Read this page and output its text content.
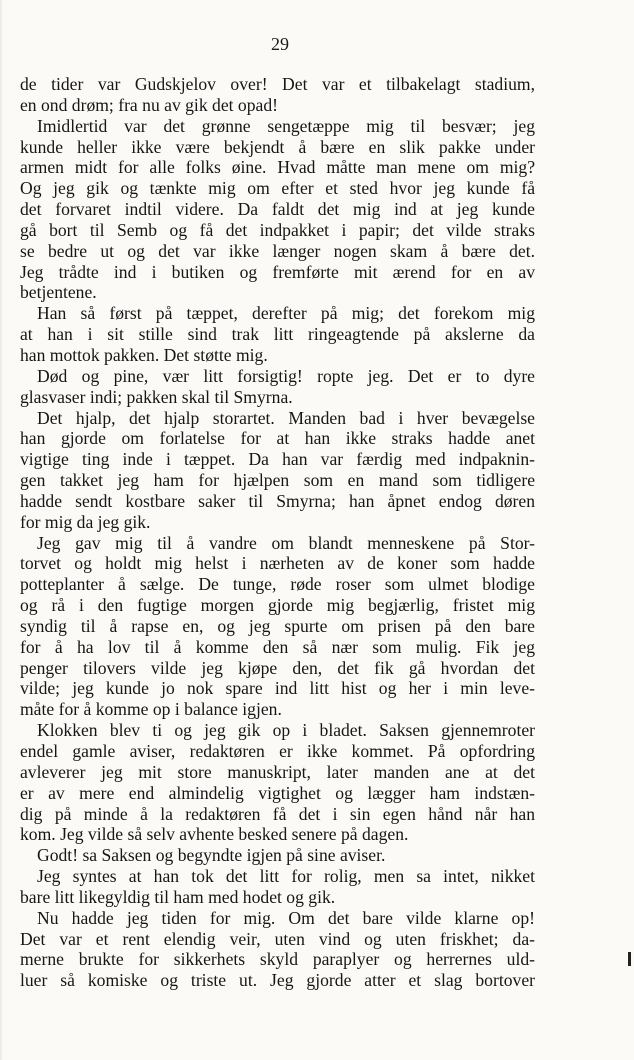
29
de tider var Gudskjelov over! Det var et tilbakelagt stadium,
en ond drøm; fra nu av gik det opad!
Imidlertid var det grønne sengetæppe mig til besvær; jeg
kunde heller ikke være bekjendt å bære en slik pakke under
armen midt for alle folks øine. Hvad måtte man mene om mig?
Og jeg gik og tænkte mig om efter et sted hvor jeg kunde få
det forvaret indtil videre. Da faldt det mig ind at jeg kunde
gå bort til Semb og få det indpakket i papir; det vilde straks
se bedre ut og det var ikke længer nogen skam å bære det.
Jeg trådte ind i butiken og fremførte mit ærend for en av
betjentene.
Han så først på tæppet, derefter på mig; det forekom mig
at han i sit stille sind trak litt ringeagtende på akslerne da
han mottok pakken. Det støtte mig.
Død og pine, vær litt forsigtig! ropte jeg. Det er to dyre
glasvaser indi; pakken skal til Smyrna.
Det hjalp, det hjalp storartet. Manden bad i hver bevægelse
han gjorde om forlatelse for at han ikke straks hadde anet
vigtige ting inde i tæppet. Da han var færdig med indpaknin-
gen takket jeg ham for hjælpen som en mand som tidligere
hadde sendt kostbare saker til Smyrna; han åpnet endog døren
for mig da jeg gik.
Jeg gav mig til å vandre om blandt menneskene på Stor-
torvet og holdt mig helst i nærheten av de koner som hadde
potteplanter å sælge. De tunge, røde roser som ulmet blodige
og rå i den fugtige morgen gjorde mig begjærlig, fristet mig
syndig til å rapse en, og jeg spurte om prisen på den bare
for å ha lov til å komme den så nær som mulig. Fik jeg
penger tilovers vilde jeg kjøpe den, det fik gå hvordan det
vilde; jeg kunde jo nok spare ind litt hist og her i min leve-
måte for å komme op i balance igjen.
Klokken blev ti og jeg gik op i bladet. Saksen gjennemroter
endel gamle aviser, redaktøren er ikke kommet. På opfordring
avleverer jeg mit store manuskript, later manden ane at det
er av mere end almindelig vigtighet og lægger ham indstæn-
dig på minde å la redaktøren få det i sin egen hånd når han
kom. Jeg vilde så selv avhente besked senere på dagen.
Godt! sa Saksen og begyndte igjen på sine aviser.
Jeg syntes at han tok det litt for rolig, men sa intet, nikket
bare litt likegyldig til ham med hodet og gik.
Nu hadde jeg tiden for mig. Om det bare vilde klarne op!
Det var et rent elendig veir, uten vind og uten friskhet; da-
merne brukte for sikkerhets skyld paraplyer og herrernes uld-
luer så komiske og triste ut. Jeg gjorde atter et slag bortover
